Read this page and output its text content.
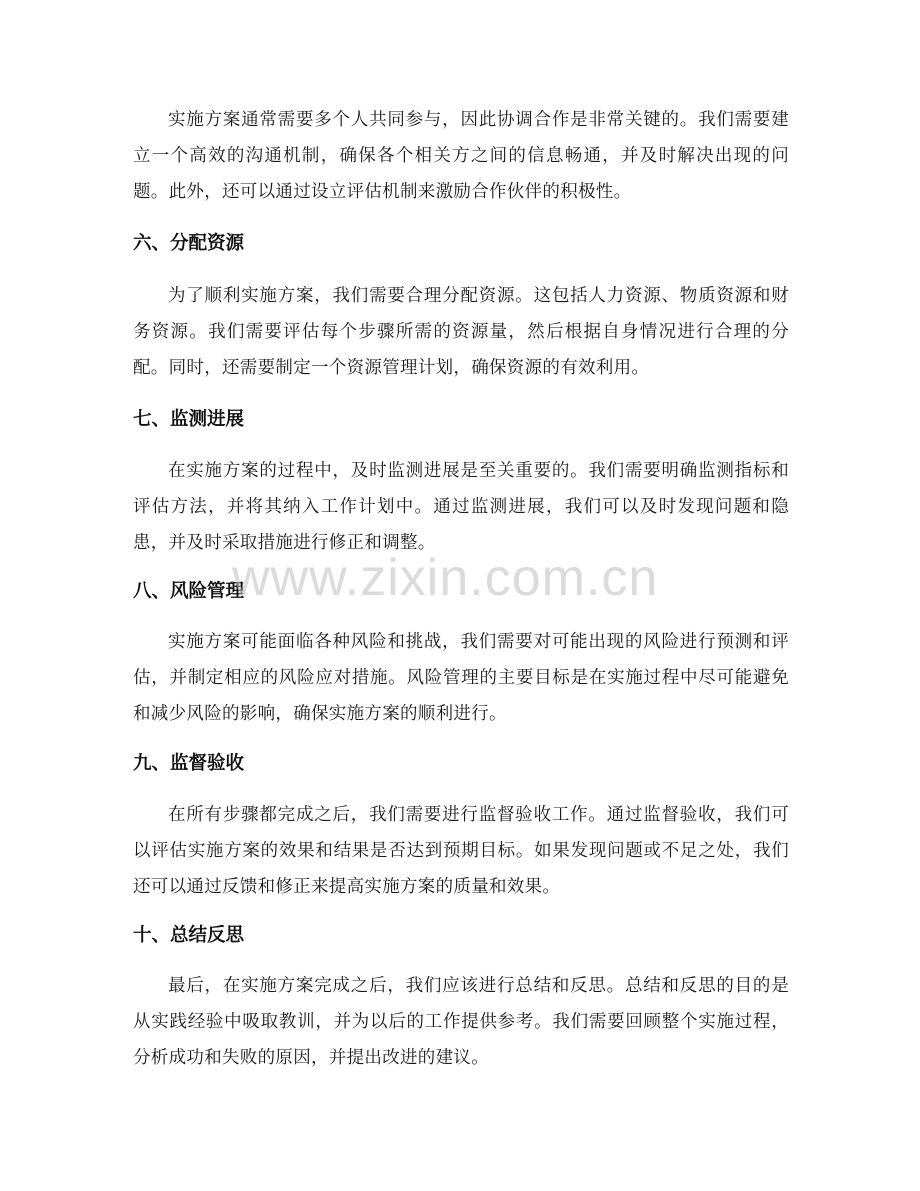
实施方案通常需要多个人共同参与，因此协调合作是非常关键的。我们需要建立一个高效的沟通机制，确保各个相关方之间的信息畅通，并及时解决出现的问题。此外，还可以通过设立评估机制来激励合作伙伴的积极性。

六、分配资源

为了顺利实施方案，我们需要合理分配资源。这包括人力资源、物质资源和财务资源。我们需要评估每个步骤所需的资源量，然后根据自身情况进行合理的分配。同时，还需要制定一个资源管理计划，确保资源的有效利用。

七、监测进展

在实施方案的过程中，及时监测进展是至关重要的。我们需要明确监测指标和评估方法，并将其纳入工作计划中。通过监测进展，我们可以及时发现问题和隐患，并及时采取措施进行修正和调整。

八、风险管理

实施方案可能面临各种风险和挑战，我们需要对可能出现的风险进行预测和评估，并制定相应的风险应对措施。风险管理的主要目标是在实施过程中尽可能避免和减少风险的影响，确保实施方案的顺利进行。

九、监督验收

在所有步骤都完成之后，我们需要进行监督验收工作。通过监督验收，我们可以评估实施方案的效果和结果是否达到预期目标。如果发现问题或不足之处，我们还可以通过反馈和修正来提高实施方案的质量和效果。

十、总结反思

最后，在实施方案完成之后，我们应该进行总结和反思。总结和反思的目的是从实践经验中吸取教训，并为以后的工作提供参考。我们需要回顾整个实施过程，分析成功和失败的原因，并提出改进的建议。

www.zixin.com.cn
